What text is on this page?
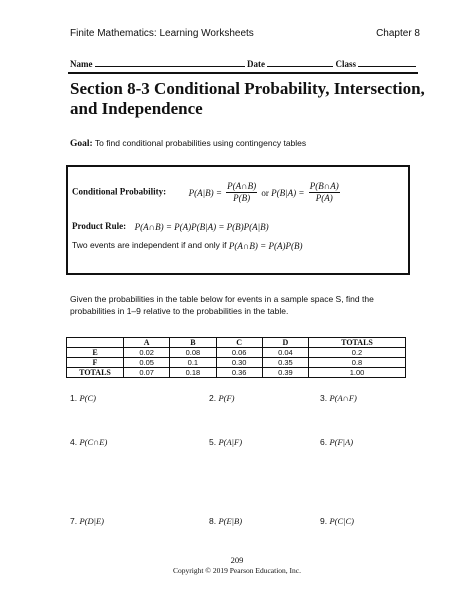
Finite Mathematics: Learning Worksheets	Chapter 8
Name	Date	Class
Section 8-3 Conditional Probability, Intersection, and Independence
Goal: To find conditional probabilities using contingency tables
Conditional Probability:	$P(A|B) = \frac{P(A\cap B)}{P(B)}$ or $P(B|A) = \frac{P(B\cap A)}{P(A)}$
Product Rule: P(A∩B) = P(A)P(B|A) = P(B)P(A|B)
Two events are independent if and only if P(A∩B) = P(A)P(B)
Given the probabilities in the table below for events in a sample space S, find the probabilities in 1–9 relative to the probabilities in the table.
	A	B	C	D	TOTALS
E	0.02	0.08	0.06	0.04	0.2
F	0.05	0.1	0.30	0.35	0.8
TOTALS	0.07	0.18	0.36	0.39	1.00
1. P(C)	2. P(F)	3. P(A∩F)
4. P(C∩E)	5. P(A|F)	6. P(F|A)
7. P(D|E)	8. P(E|B)	9. P(C|C)
209
Copyright © 2019 Pearson Education, Inc.
